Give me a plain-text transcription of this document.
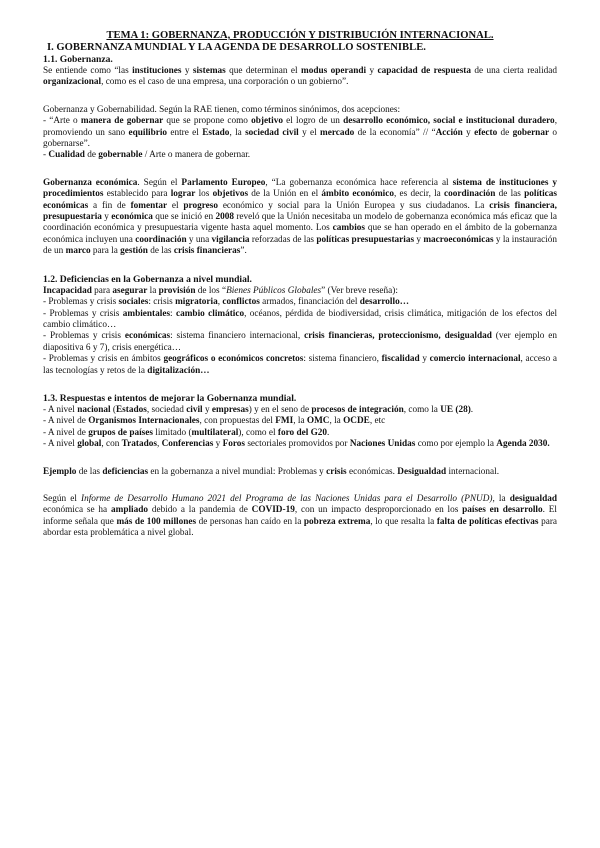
TEMA 1: GOBERNANZA, PRODUCCIÓN Y DISTRIBUCIÓN INTERNACIONAL.

I. GOBERNANZA MUNDIAL Y LA AGENDA DE DESARROLLO SOSTENIBLE.

1.1. Gobernanza.

Se entiende como “las instituciones y sistemas que determinan el modus operandi y capacidad de respuesta de una cierta realidad organizacional, como es el caso de una empresa, una corporación o un gobierno”.

Gobernanza y Gobernabilidad. Según la RAE tienen, como términos sinónimos, dos acepciones:

- “Arte o manera de gobernar que se propone como objetivo el logro de un desarrollo económico, social e institucional duradero, promoviendo un sano equilibrio entre el Estado, la sociedad civil y el mercado de la economía” // “Acción y efecto de gobernar o gobernarse”.

- Cualidad de gobernable / Arte o manera de gobernar.

Gobernanza económica. Según el Parlamento Europeo, “La gobernanza económica hace referencia al sistema de instituciones y procedimientos establecido para lograr los objetivos de la Unión en el ámbito económico, es decir, la coordinación de las políticas económicas a fin de fomentar el progreso económico y social para la Unión Europea y sus ciudadanos. La crisis financiera, presupuestaria y económica que se inició en 2008 reveló que la Unión necesitaba un modelo de gobernanza económica más eficaz que la coordinación económica y presupuestaria vigente hasta aquel momento. Los cambios que se han operado en el ámbito de la gobernanza económica incluyen una coordinación y una vigilancia reforzadas de las políticas presupuestarias y macroeconómicas y la instauración de un marco para la gestión de las crisis financieras”.

1.2. Deficiencias en la Gobernanza a nivel mundial.

Incapacidad para asegurar la provisión de los “Bienes Públicos Globales” (Ver breve reseña):

- Problemas y crisis sociales: crisis migratoria, conflictos armados, financiación del desarrollo…

- Problemas y crisis ambientales: cambio climático, océanos, pérdida de biodiversidad, crisis climática, mitigación de los efectos del cambio climático…

- Problemas y crisis económicas: sistema financiero internacional, crisis financieras, proteccionismo, desigualdad (ver ejemplo en diapositiva 6 y 7), crisis energética…

- Problemas y crisis en ámbitos geográficos o económicos concretos: sistema financiero, fiscalidad y comercio internacional, acceso a las tecnologías y retos de la digitalización…

1.3. Respuestas e intentos de mejorar la Gobernanza mundial.

- A nivel nacional (Estados, sociedad civil y empresas) y en el seno de procesos de integración, como la UE (28).

- A nivel de Organismos Internacionales, con propuestas del FMI, la OMC, la OCDE, etc

- A nivel de grupos de países limitado (multilateral), como el foro del G20.

- A nivel global, con Tratados, Conferencias y Foros sectoriales promovidos por Naciones Unidas como por ejemplo la Agenda 2030.

Ejemplo de las deficiencias en la gobernanza a nivel mundial: Problemas y crisis económicas. Desigualdad internacional.

Según el Informe de Desarrollo Humano 2021 del Programa de las Naciones Unidas para el Desarrollo (PNUD), la desigualdad económica se ha ampliado debido a la pandemia de COVID-19, con un impacto desproporcionado en los países en desarrollo. El informe señala que más de 100 millones de personas han caído en la pobreza extrema, lo que resalta la falta de políticas efectivas para abordar esta problemática a nivel global.
